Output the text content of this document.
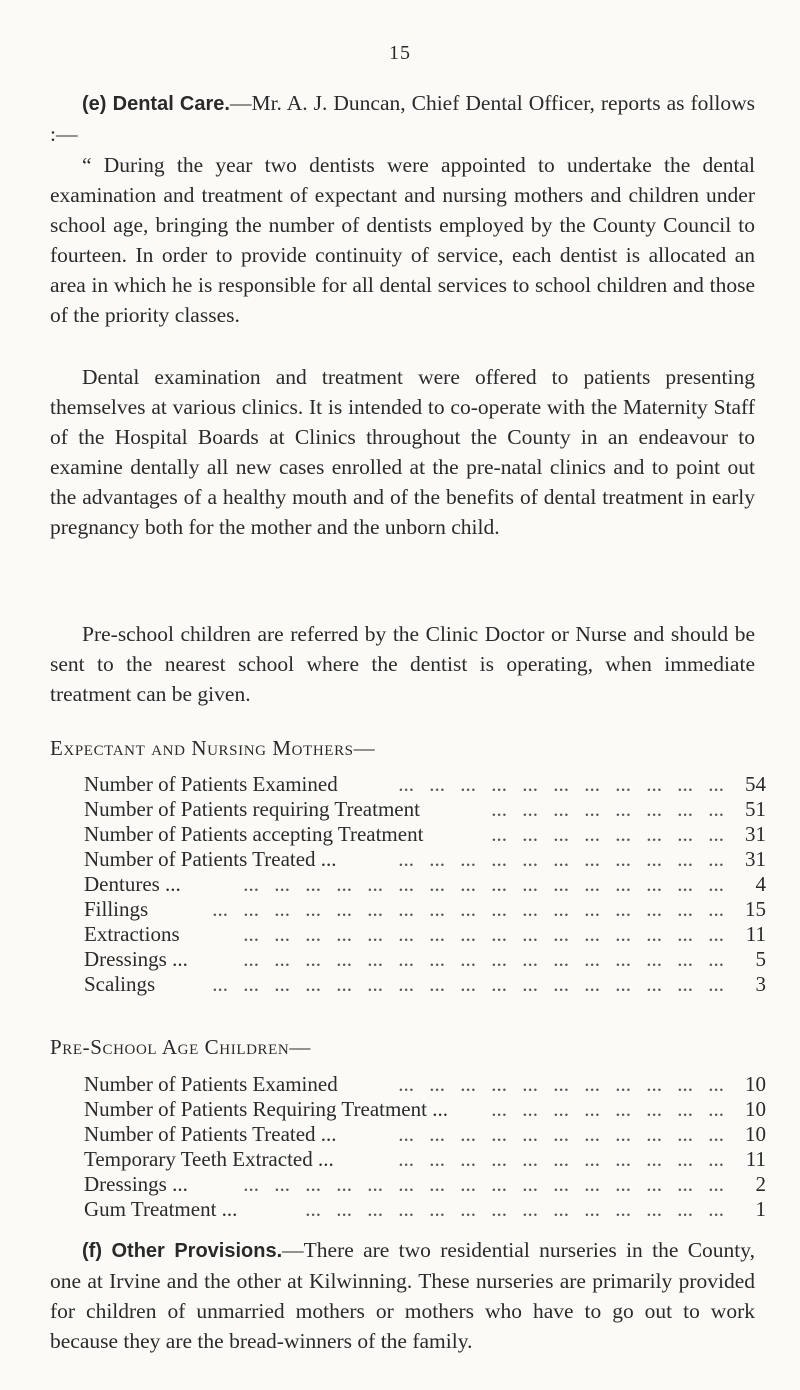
15

(e) Dental Care.—Mr. A. J. Duncan, Chief Dental Officer, reports as follows :—

“ During the year two dentists were appointed to undertake the dental examination and treatment of expectant and nursing mothers and children under school age, bringing the number of dentists employed by the County Council to fourteen. In order to provide continuity of service, each dentist is allocated an area in which he is responsible for all dental services to school children and those of the priority classes.

Dental examination and treatment were offered to patients presenting themselves at various clinics. It is intended to co-operate with the Maternity Staff of the Hospital Boards at Clinics throughout the County in an endeavour to examine dentally all new cases enrolled at the pre-natal clinics and to point out the advantages of a healthy mouth and of the benefits of dental treatment in early pregnancy both for the mother and the unborn child.

Pre-school children are referred by the Clinic Doctor or Nurse and should be sent to the nearest school where the dentist is operating, when immediate treatment can be given.

Expectant and Nursing Mothers—
Number of Patients Examined	... ... ... ... ... ... ... ... ... ... ... 54
Number of Patients requiring Treatment	... ... ... ... ... ... ... ... 51
Number of Patients accepting Treatment	... ... ... ... ... ... ... ... 31
Number of Patients Treated ...	... ... ... ... ... ... ... ... ... ... ... 31
Dentures ...	... ... ... ... ... ... ... ... ... ... ... ... ... ... ... ... 4
Fillings	... ... ... ... ... ... ... ... ... ... ... ... ... ... ... ... ... 15
Extractions	... ... ... ... ... ... ... ... ... ... ... ... ... ... ... ... 11
Dressings ...	... ... ... ... ... ... ... ... ... ... ... ... ... ... ... ... 5
Scalings	... ... ... ... ... ... ... ... ... ... ... ... ... ... ... ... ... 3
Pre-School Age Children—
Number of Patients Examined	... ... ... ... ... ... ... ... ... ... ... 10
Number of Patients Requiring Treatment ...	... ... ... ... ... ... ... ... 10
Number of Patients Treated ...	... ... ... ... ... ... ... ... ... ... ... 10
Temporary Teeth Extracted ...	... ... ... ... ... ... ... ... ... ... ... 11
Dressings ...	... ... ... ... ... ... ... ... ... ... ... ... ... ... ... ... 2
Gum Treatment ...	... ... ... ... ... ... ... ... ... ... ... ... ... ... 1

(f) Other Provisions.—There are two residential nurseries in the County, one at Irvine and the other at Kilwinning. These nurseries are primarily provided for children of unmarried mothers or mothers who have to go out to work because they are the bread-winners of the family.
